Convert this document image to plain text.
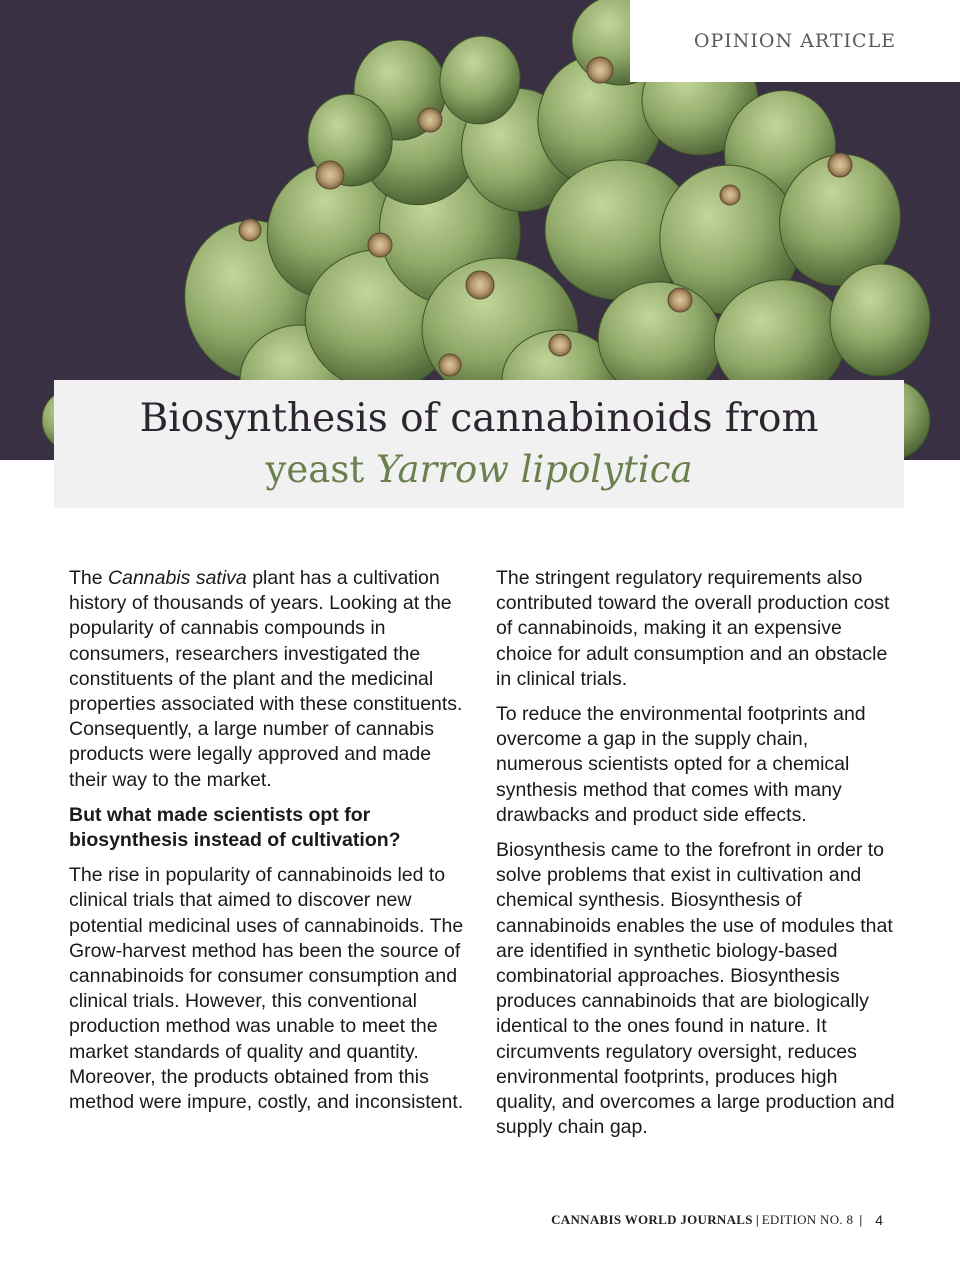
OPINION ARTICLE
Biosynthesis of cannabinoids from
yeast Yarrow lipolytica

The Cannabis sativa plant has a cultivation history of thousands of years. Looking at the popularity of cannabis compounds in consumers, researchers investigated the constituents of the plant and the medicinal properties associated with these constituents. Consequently, a large number of cannabis products were legally approved and made their way to the market.

But what made scientists opt for biosynthesis instead of cultivation?

The rise in popularity of cannabinoids led to clinical trials that aimed to discover new potential medicinal uses of cannabinoids. The Grow-harvest method has been the source of cannabinoids for consumer consumption and clinical trials. However, this conventional production method was unable to meet the market standards of quality and quantity. Moreover, the products obtained from this method were impure, costly, and inconsistent.

The stringent regulatory requirements also contributed toward the overall production cost of cannabinoids, making it an expensive choice for adult consumption and an obstacle in clinical trials.

To reduce the environmental footprints and overcome a gap in the supply chain, numerous scientists opted for a chemical synthesis method that comes with many drawbacks and product side effects.

Biosynthesis came to the forefront in order to solve problems that exist in cultivation and chemical synthesis. Biosynthesis of cannabinoids enables the use of modules that are identified in synthetic biology-based combinatorial approaches. Biosynthesis produces cannabinoids that are biologically identical to the ones found in nature. It circumvents regulatory oversight, reduces environmental footprints, produces high quality, and overcomes a large production and supply chain gap.

CANNABIS WORLD JOURNALS | EDITION NO. 8 | 4
